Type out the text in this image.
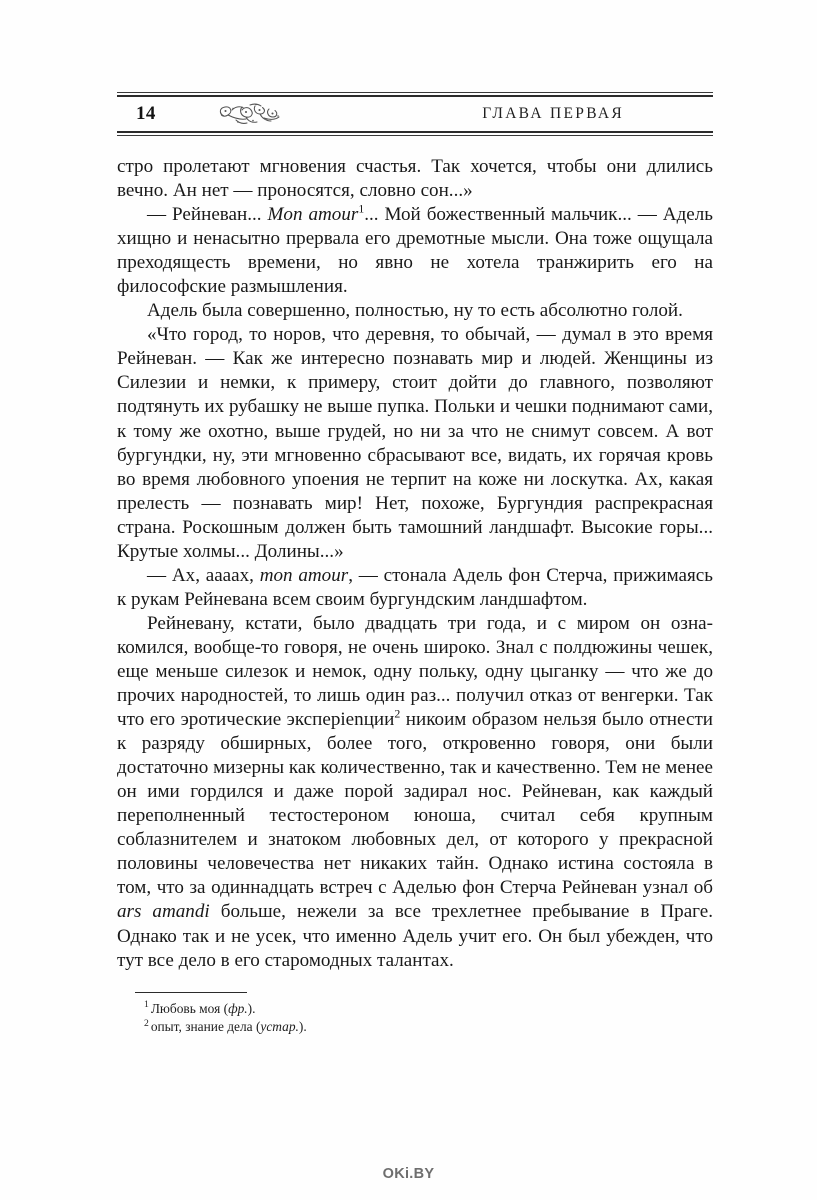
14	ГЛАВА ПЕРВАЯ

стро пролетают мгновения счастья. Так хочется, чтобы они длились вечно. Ан нет — проносятся, словно сон...»

— Рейневан... Mon amour$^1$... Мой божественный мальчик... — Адель хищно и ненасытно прервала его дремотные мысли. Она тоже ощущала преходящесть времени, но явно не хотела транжирить его на философские размышления.

Адель была совершенно, полностью, ну то есть абсолютно голой.

«Что город, то норов, что деревня, то обычай, — думал в это время Рейневан. — Как же интересно познавать мир и людей. Женщины из Силезии и немки, к примеру, стоит дойти до главного, позволяют подтянуть их рубашку не выше пупка. Польки и чешки поднимают сами, к тому же охотно, выше грудей, но ни за что не снимут совсем. А вот бургундки, ну, эти мгновенно сбрасывают все, видать, их горячая кровь во время любовного упоения не терпит на коже ни лоскутка. Ах, какая прелесть — познавать мир! Нет, похоже, Бургундия распрекрасная страна. Роскошным должен быть тамошний ландшафт. Высокие горы... Крутые холмы... Долины...»

— Ах, аааах, mon amour, — стонала Адель фон Стерча, прижимаясь к рукам Рейневана всем своим бургундским ландшафтом.

Рейневану, кстати, было двадцать три года, и с миром он ознакомился, вообще-то говоря, не очень широко. Знал с полдюжины чешек, еще меньше силезок и немок, одну польку, одну цыганку — что же до прочих народностей, то лишь один раз... получил отказ от венгерки. Так что его эротические эксперienции$^2$ никоим образом нельзя было отнести к разряду обширных, более того, откровенно говоря, они были достаточно мизерны как количественно, так и качественно. Тем не менее он ими гордился и даже порой задирал нос. Рейневан, как каждый переполненный тестостероном юноша, считал себя крупным соблазнителем и знатоком любовных дел, от которого у прекрасной половины человечества нет никаких тайн. Однако истина состояла в том, что за одиннадцать встреч с Аделью фон Стерча Рейневан узнал об ars amandi больше, нежели за все трехлетнее пребывание в Праге. Однако так и не усек, что именно Адель учит его. Он был убежден, что тут все дело в его старомодных талантах.

$^1$ Любовь моя (фр.).
$^2$ опыт, знание дела (устар.).
OKi.BY
